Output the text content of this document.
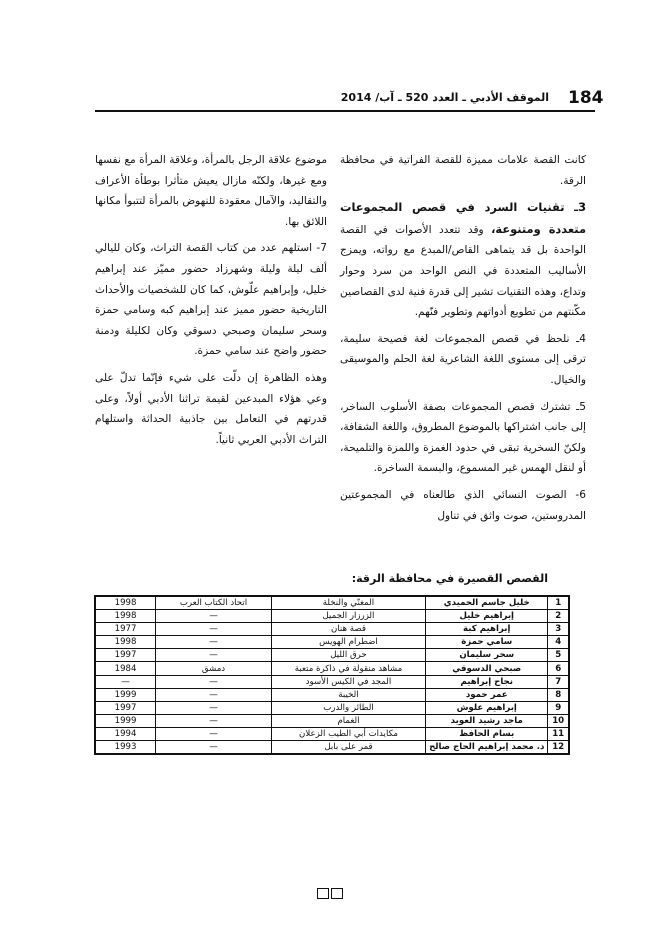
184
الموقف الأدبي ـ العدد 520 ـ آب/ 2014

كانت القصة علامات مميزة للقصة الفراتية في محافظة الرقة.

3ـ تقنيات السرد في قصص المجموعات متعددة ومتنوعة، وقد تتعدد الأصوات في القصة الواحدة بل قد يتماهى القاص/المبدع مع رواته، ويمزج الأساليب المتعددة في النص الواحد من سرد وحوار وتداع، وهذه التقنيات تشير إلى قدرة فنية لدى القصاصين مكّنتهم من تطويع أدواتهم وتطوير فنّهم.

4ـ نلحظ في قصص المجموعات لغة فصيحة سليمة، ترقى إلى مستوى اللغة الشاعرية لغة الحلم والموسيقى والخيال.

5ـ تشترك قصص المجموعات بصفة الأسلوب الساخر، إلى جانب اشتراكها بالموضوع المطروق، واللغة الشفافة، ولكنّ السخرية تبقى في حدود الغمزة واللمزة والتلميحة، أو لنقل الهمس غير المسموع، والبسمة الساخرة.

6- الصوت النسائي الذي طالعناه في المجموعتين المدروستين، صوت واثق في تناول

موضوع علاقة الرجل بالمرأة، وعلاقة المرأة مع نفسها ومع غيرها، ولكنّه مازال يعيش متأثرا بوطأة الأعراف والتقاليد، والآمال معقودة للنهوض بالمرأة لتتبوأ مكانها اللائق بها.

7- استلهم عدد من كتاب القصة التراث، وكان لليالي ألف ليلة وليلة وشهرزاد حضور مميّز عند إبراهيم خليل، وإبراهيم علّوش، كما كان للشخصيات والأحداث التاريخية حضور مميز عند إبراهيم كبه وسامي حمزة وسحر سليمان وصبحي دسوقي وكان لكليلة ودمنة حضور واضح عند سامي حمزة.

وهذه الظاهرة إن دلّت على شيء فإنّما تدلّ على وعي هؤلاء المبدعين لقيمة تراثنا الأدبي أولاً، وعلى قدرتهم في التعامل بين جاذبية الحداثة واستلهام التراث الأدبي العربي ثانياً.

القصص القصيرة في محافظة الرقة:
1	خليل جاسم الحميدي	المغنّي والنخلة	اتحاد الكتاب العرب	1998
2	إبراهيم خليل	الزرزار الجميل	—	1998
3	إبراهيم كبة	قصة هنان	—	1977
4	سامي حمزة	اضطرام الهويس	—	1998
5	سحر سليمان	حرق الليل	—	1997
6	صبحي الدسوقي	مشاهد منقولة في ذاكرة متعبة	دمشق	1984
7	نجاح إبراهيم	المجد في الكيس الأسود	—	—
8	عمر حمود	الخيبة	—	1999
9	إبراهيم علوش	الطائر والدرب	—	1997
10	ماجد رشيد العويد	الغمام	—	1999
11	بسام الحافظ	مكايدات أبي الطيب الزعلان	—	1994
12	د. محمد إبراهيم الحاج صالح	قمر على بابل	—	1993
